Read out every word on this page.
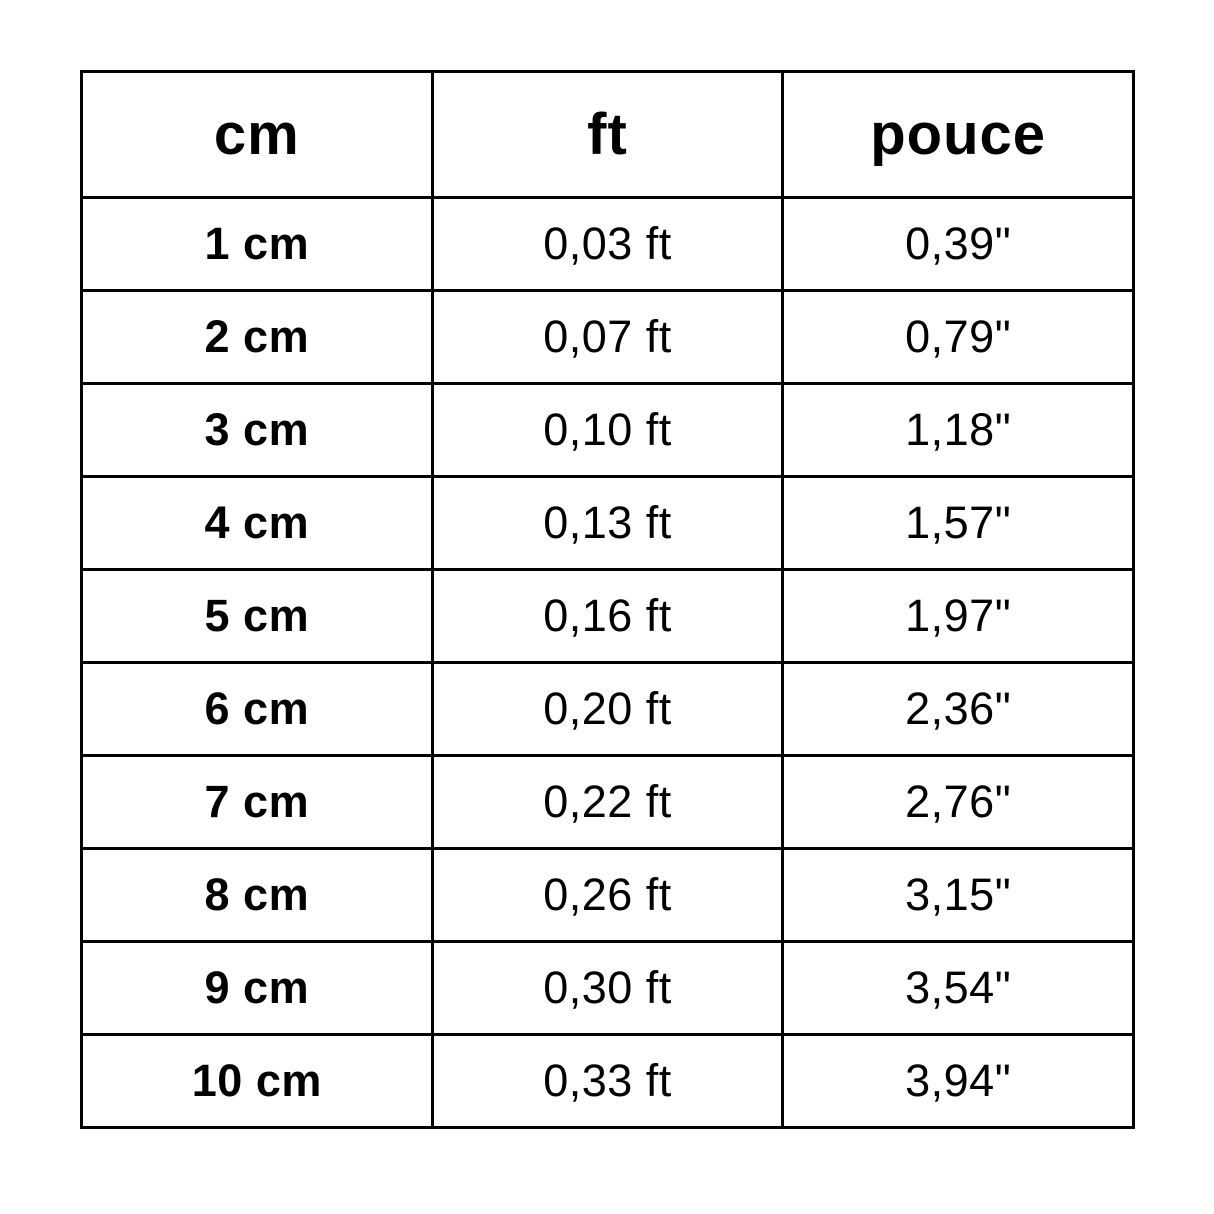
cm	ft	pouce
1 cm	0,03 ft	0,39"
2 cm	0,07 ft	0,79"
3 cm	0,10 ft	1,18"
4 cm	0,13 ft	1,57"
5 cm	0,16 ft	1,97"
6 cm	0,20 ft	2,36"
7 cm	0,22 ft	2,76"
8 cm	0,26 ft	3,15"
9 cm	0,30 ft	3,54"
10 cm	0,33 ft	3,94"
